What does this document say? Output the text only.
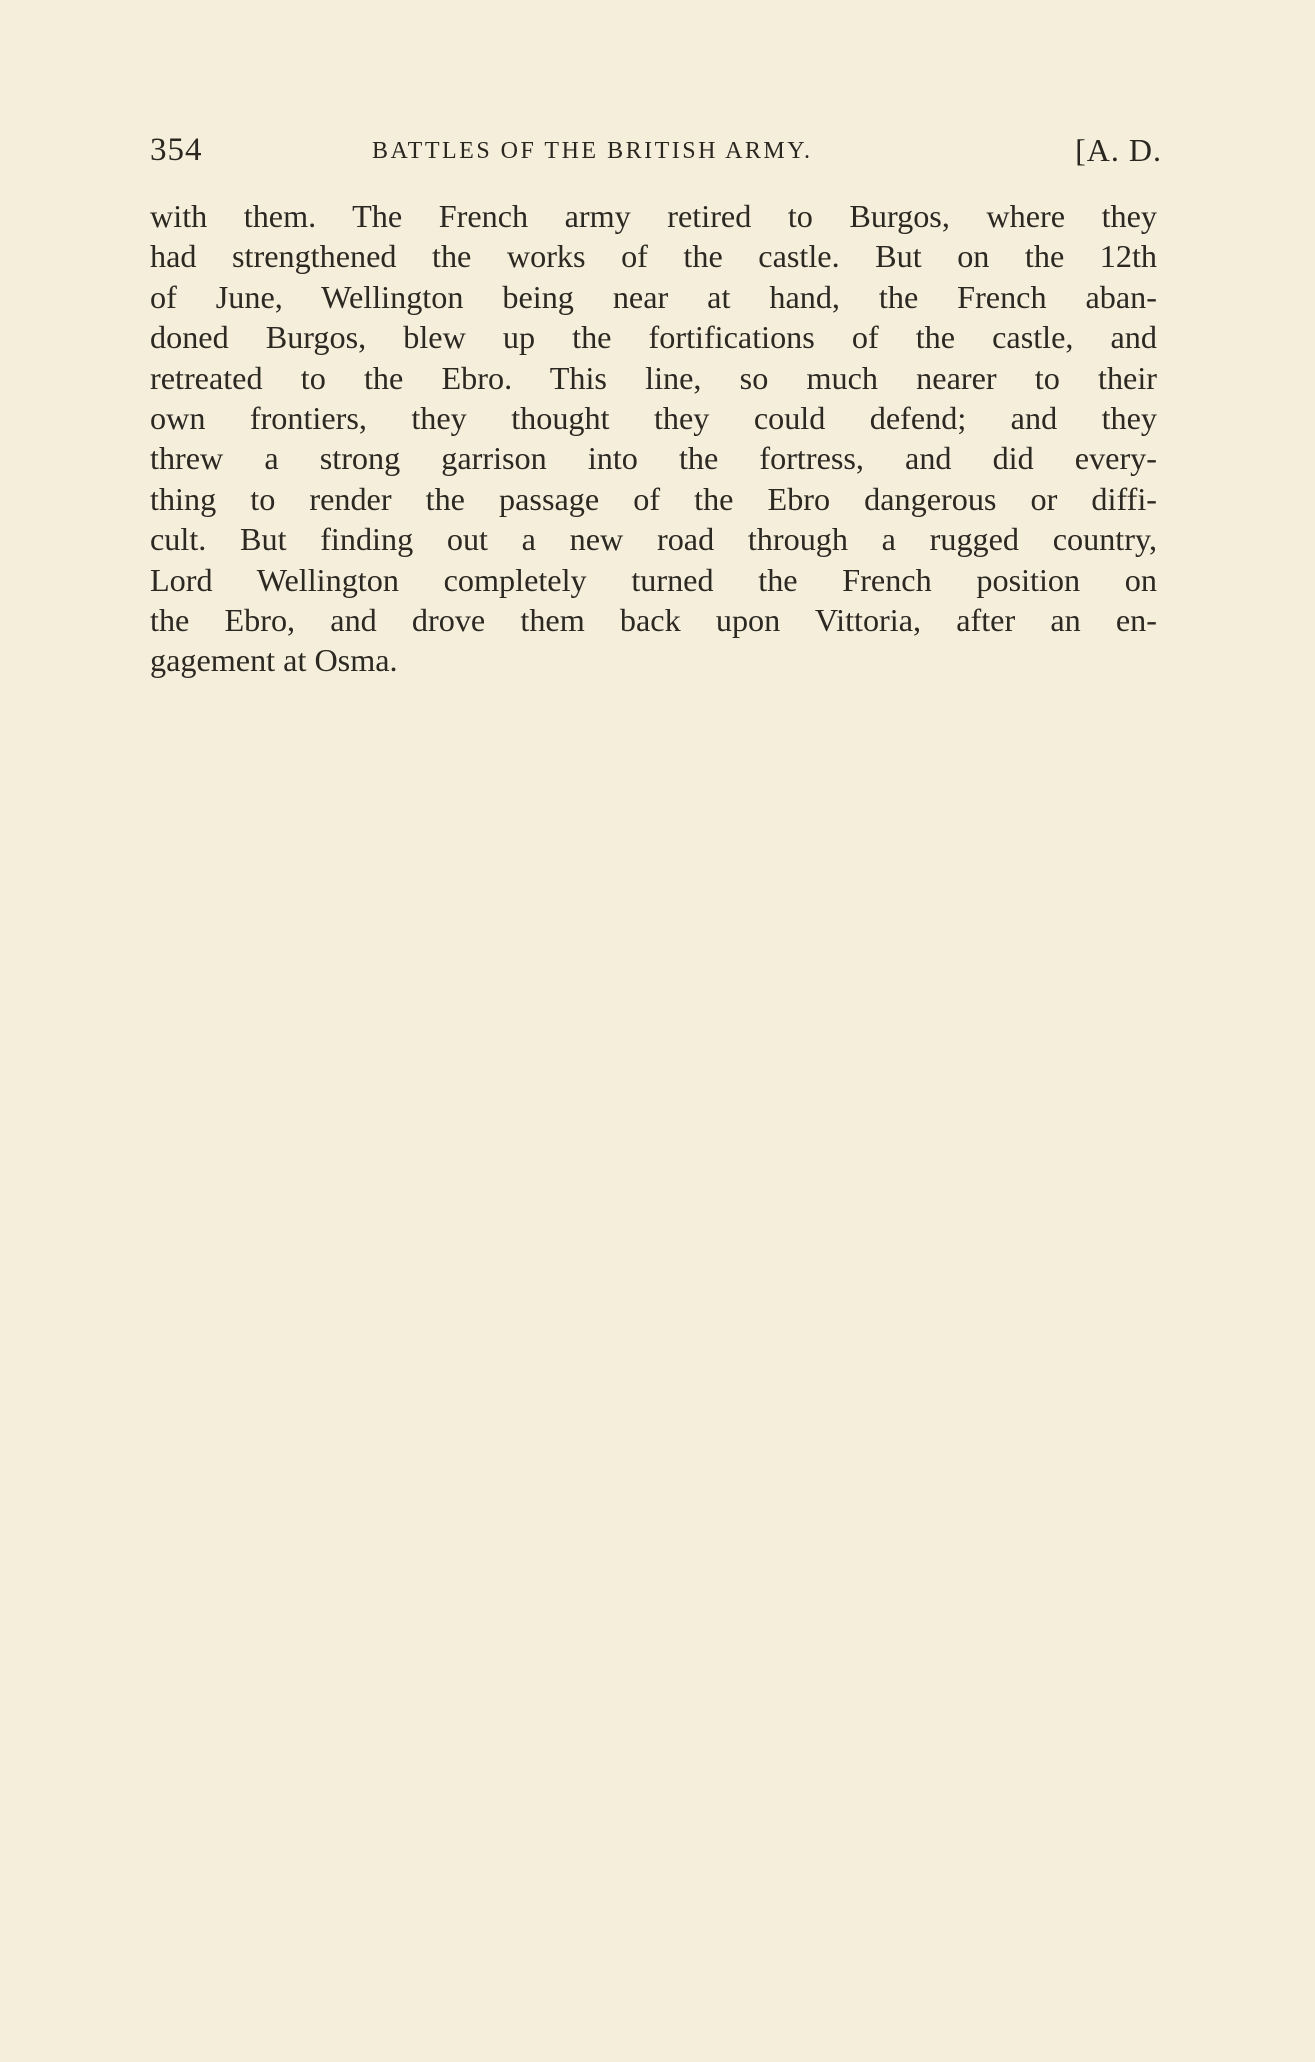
354	BATTLES OF THE BRITISH ARMY.	[A. D.

with them. The French army retired to Burgos, where they
had strengthened the works of the castle. But on the 12th
of June, Wellington being near at hand, the French aban-
doned Burgos, blew up the fortifications of the castle, and
retreated to the Ebro. This line, so much nearer to their
own frontiers, they thought they could defend; and they
threw a strong garrison into the fortress, and did every-
thing to render the passage of the Ebro dangerous or diffi-
cult. But finding out a new road through a rugged country,
Lord Wellington completely turned the French position on
the Ebro, and drove them back upon Vittoria, after an en-
gagement at Osma.
